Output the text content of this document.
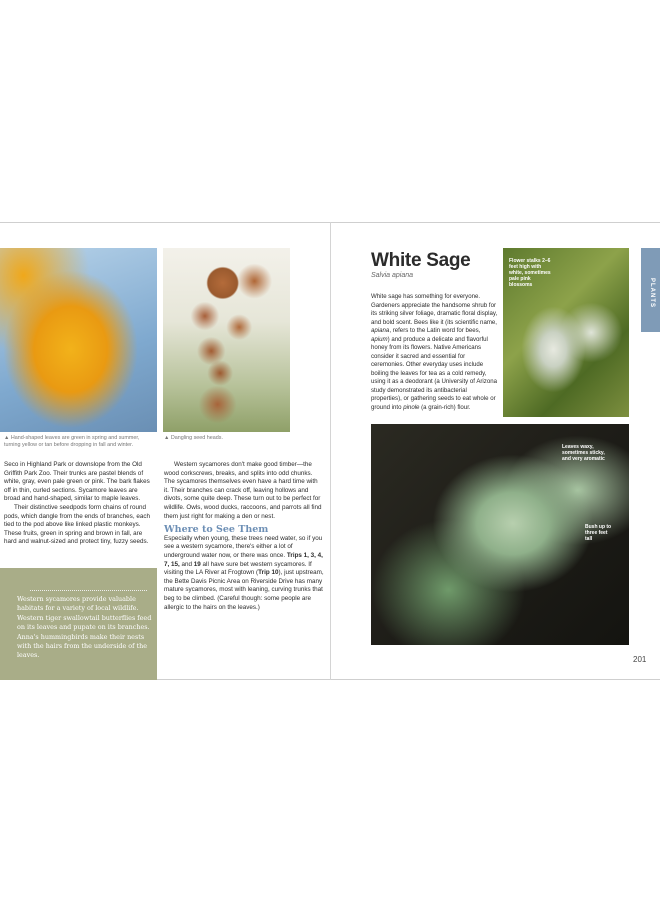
▲ Hand-shaped leaves are green in spring and summer, turning yellow or tan before dropping in fall and winter.
▲ Dangling seed heads.
Seco in Highland Park or downslope from the Old Griffith Park Zoo. Their trunks are pastel blends of white, gray, even pale green or pink. The bark flakes off in thin, curled sections. Sycamore leaves are broad and hand-shaped, similar to maple leaves.
Their distinctive seedpods form chains of round pods, which dangle from the ends of branches, each tied to the pod above like linked plastic monkeys. These fruits, green in spring and brown in fall, are hard and walnut-sized and protect tiny, fuzzy seeds.
Western sycamores don't make good timber—the wood corkscrews, breaks, and splits into odd chunks. The sycamores themselves even have a hard time with it. Their branches can crack off, leaving hollows and divots, some quite deep. These turn out to be perfect for wildlife. Owls, wood ducks, raccoons, and parrots all find them just right for making a den or nest.
Where to See Them
Especially when young, these trees need water, so if you see a western sycamore, there's either a lot of underground water now, or there was once. Trips 1, 3, 4, 7, 15, and 19 all have sure bet western sycamores. If visiting the LA River at Frogtown (Trip 10), just upstream, the Bette Davis Picnic Area on Riverside Drive has many mature sycamores, most with leaning, curving trunks that beg to be climbed. (Careful though: some people are allergic to the hairs on the leaves.)
Western sycamores provide valuable habitats for a variety of local wildlife. Western tiger swallowtail butterflies feed on its leaves and pupate on its branches. Anna's hummingbirds make their nests with the hairs from the underside of the leaves.
White Sage
Salvia apiana
White sage has something for everyone. Gardeners appreciate the handsome shrub for its striking silver foliage, dramatic floral display, and bold scent. Bees like it (its scientific name, apiana, refers to the Latin word for bees, apium) and produce a delicate and flavorful honey from its flowers. Native Americans consider it sacred and essential for ceremonies. Other everyday uses include boiling the leaves for tea as a cold remedy, using it as a deodorant (a University of Arizona study demonstrated its antibacterial properties), or gathering seeds to eat whole or ground into pinole (a grain-rich) flour.
Flower stalks 2–6 feet high with white, sometimes pale pink blossoms
Leaves waxy, sometimes sticky, and very aromatic
Bush up to three feet tall
PLANTS
201
